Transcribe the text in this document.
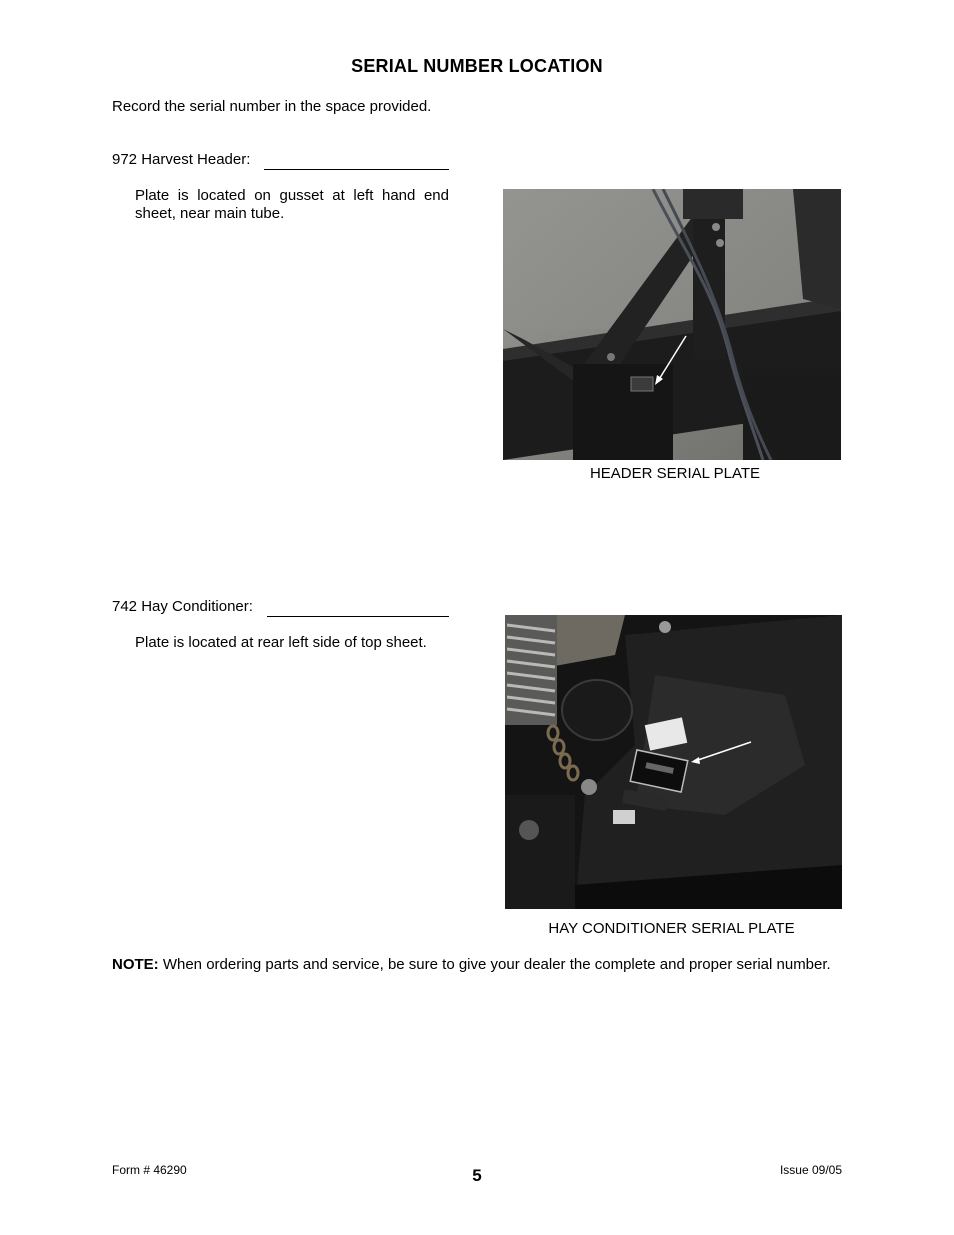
SERIAL NUMBER LOCATION
Record the serial number in the space provided.
972 Harvest Header:
Plate is located on gusset at left hand end sheet, near main tube.
HEADER SERIAL PLATE
742 Hay Conditioner:
Plate is located at rear left side of top sheet.
HAY CONDITIONER SERIAL PLATE
NOTE: When ordering parts and service, be sure to give your dealer the complete and proper serial number.
Form # 46290	5	Issue 09/05
